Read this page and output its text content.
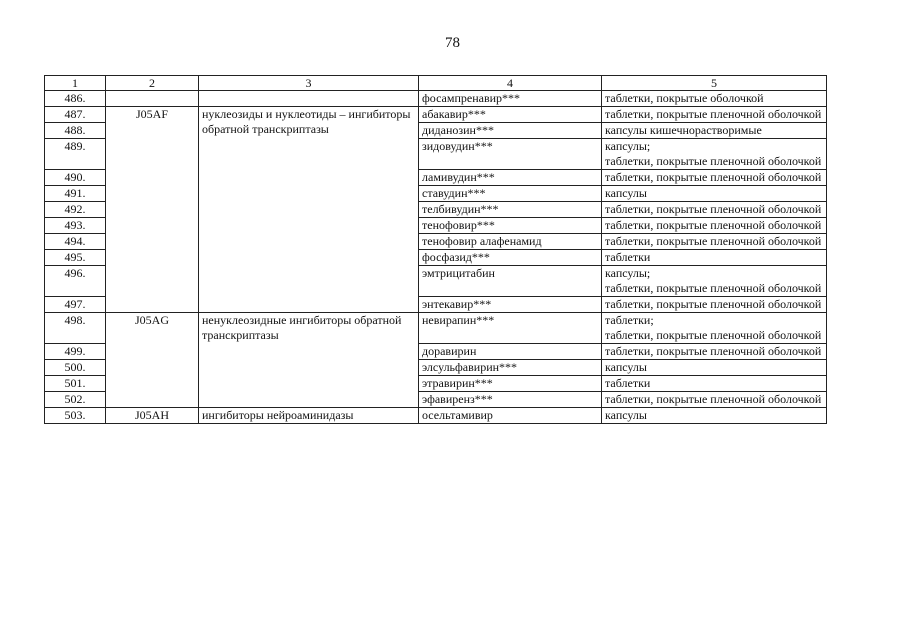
78
1	2	3	4	5
486.			фосампренавир***	таблетки, покрытые оболочкой
487.	J05AF	нуклеозиды и нуклеотиды – ингибиторы обратной транскриптазы	абакавир***	таблетки, покрытые пленочной оболочкой
488.			диданозин***	капсулы кишечнорастворимые
489.			зидовудин***	капсулы;
таблетки, покрытые пленочной оболочкой
490.			ламивудин***	таблетки, покрытые пленочной оболочкой
491.			ставудин***	капсулы
492.			телбивудин***	таблетки, покрытые пленочной оболочкой
493.			тенофовир***	таблетки, покрытые пленочной оболочкой
494.			тенофовир алафенамид	таблетки, покрытые пленочной оболочкой
495.			фосфазид***	таблетки
496.			эмтрицитабин	капсулы;
таблетки, покрытые пленочной оболочкой
497.			энтекавир***	таблетки, покрытые пленочной оболочкой
498.	J05AG	ненуклеозидные ингибиторы обратной транскриптазы	невирапин***	таблетки;
таблетки, покрытые пленочной оболочкой
499.			доравирин	таблетки, покрытые пленочной оболочкой
500.			элсульфавирин***	капсулы
501.			этравирин***	таблетки
502.			эфавиренз***	таблетки, покрытые пленочной оболочкой
503.	J05AH	ингибиторы нейроаминидазы	осельтамивир	капсулы
